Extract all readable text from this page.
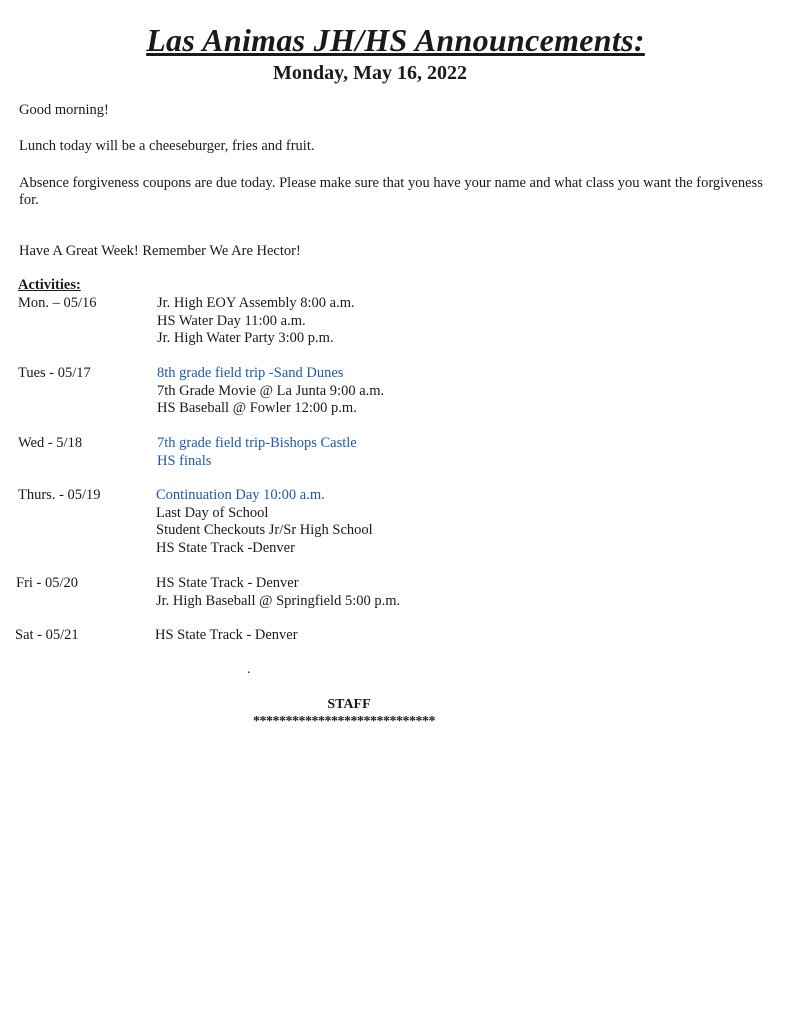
Las Animas JH/HS Announcements:
Monday, May 16, 2022
Good morning!
Lunch today will be a cheeseburger, fries and fruit.
Absence forgiveness coupons are due today. Please make sure that you have your name and what class you want the forgiveness for.
Have A Great Week! Remember We Are Hector!
Activities:
Mon. – 05/16	Jr. High EOY Assembly 8:00 a.m.
HS Water Day 11:00 a.m.
Jr. High Water Party 3:00 p.m.
Tues - 05/17	8th grade field trip -Sand Dunes
7th Grade Movie @ La Junta 9:00 a.m.
HS Baseball @ Fowler 12:00 p.m.
Wed - 5/18	7th grade field trip-Bishops Castle
HS finals
Thurs. - 05/19	Continuation Day 10:00 a.m.
Last Day of School
Student Checkouts Jr/Sr High School
HS State Track -Denver
Fri - 05/20	HS State Track - Denver
Jr. High Baseball @ Springfield 5:00 p.m.
Sat - 05/21	HS State Track - Denver
.
STAFF
****************************
